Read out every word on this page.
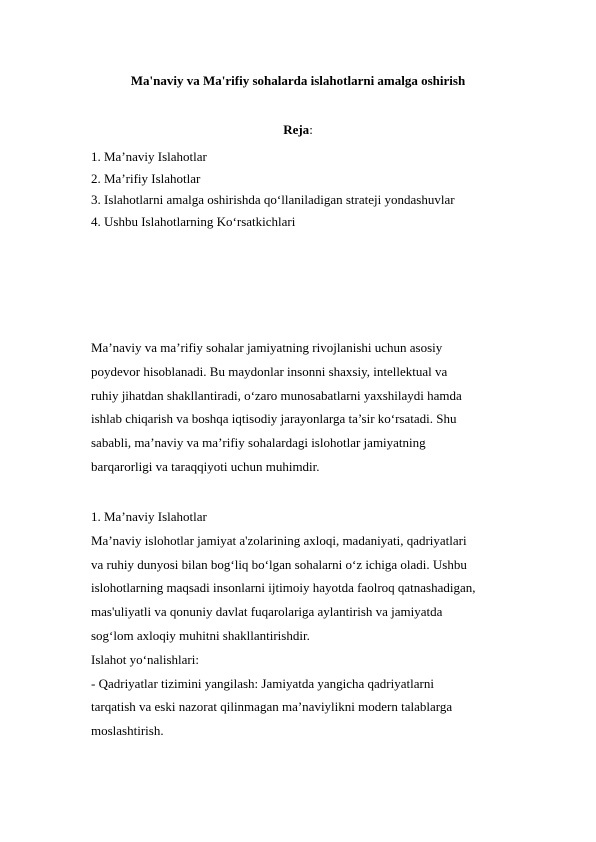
Ma'naviy va Ma'rifiy sohalarda islahotlarni amalga oshirish
Reja:
1. Ma’naviy Islahotlar
2. Ma’rifiy Islahotlar
3. Islahotlarni amalga oshirishda qo‘llaniladigan strateji yondashuvlar
4. Ushbu Islahotlarning Ko‘rsatkichlari
Ma’naviy va ma’rifiy sohalar jamiyatning rivojlanishi uchun asosiy
poydevor hisoblanadi. Bu maydonlar insonni shaxsiy, intellektual va
ruhiy jihatdan shakllantiradi, o‘zaro munosabatlarni yaxshilaydi hamda
ishlab chiqarish va boshqa iqtisodiy jarayonlarga ta’sir ko‘rsatadi. Shu
sababli, ma’naviy va ma’rifiy sohalardagi islohotlar jamiyatning
barqarorligi va taraqqiyoti uchun muhimdir.
1. Ma’naviy Islahotlar
Ma’naviy islohotlar jamiyat a'zolarining axloqi, madaniyati, qadriyatlari
va ruhiy dunyosi bilan bog‘liq bo‘lgan sohalarni o‘z ichiga oladi. Ushbu
islohotlarning maqsadi insonlarni ijtimoiy hayotda faolroq qatnashadigan,
mas'uliyatli va qonuniy davlat fuqarolariga aylantirish va jamiyatda
sog‘lom axloqiy muhitni shakllantirishdir.
Islahot yo‘nalishlari:
- Qadriyatlar tizimini yangilash: Jamiyatda yangicha qadriyatlarni
tarqatish va eski nazorat qilinmagan ma’naviylikni modern talablarga
moslashtirish.
